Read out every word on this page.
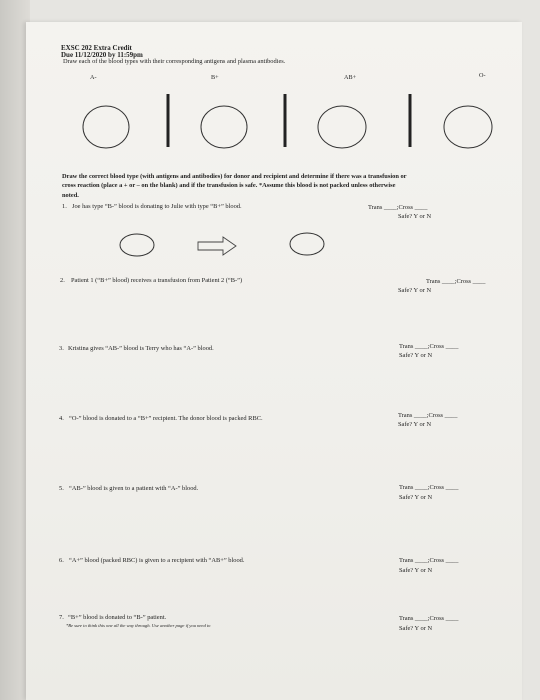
EXSC 202 Extra Credit
Due 11/12/2020 by 11:59pm
Draw each of the blood types with their corresponding antigens and plasma antibodies.
A-	B+	AB+	O-
Draw the correct blood type (with antigens and antibodies) for donor and recipient and determine if there was a transfusion or
cross reaction (place a + or – on the blank) and if the transfusion is safe. *Assume this blood is not packed unless otherwise
noted.
1. Joe has type “B-” blood is donating to Julie with type “B+” blood.	Trans ____;Cross ____
Safe? Y or N
2. Patient 1 (“B+” blood) receives a transfusion from Patient 2 (“B-”)	Trans ____;Cross ____
Safe? Y or N
3. Kristina gives “AB-” blood is Terry who has “A-” blood.	Trans ____;Cross ____
Safe? Y or N
4. “O-” blood is donated to a “B+” recipient. The donor blood is packed RBC.	Trans ____;Cross ____
Safe? Y or N
5. “AB-” blood is given to a patient with “A-” blood.	Trans ____;Cross ____
Safe? Y or N
6. “A+” blood (packed RBC) is given to a recipient with “AB+” blood.	Trans ____;Cross ____
Safe? Y or N
7. “B+” blood is donated to “B-” patient.
*Be sure to think this one all the way through. Use another page if you need to
Trans ____;Cross ____
Safe? Y or N
